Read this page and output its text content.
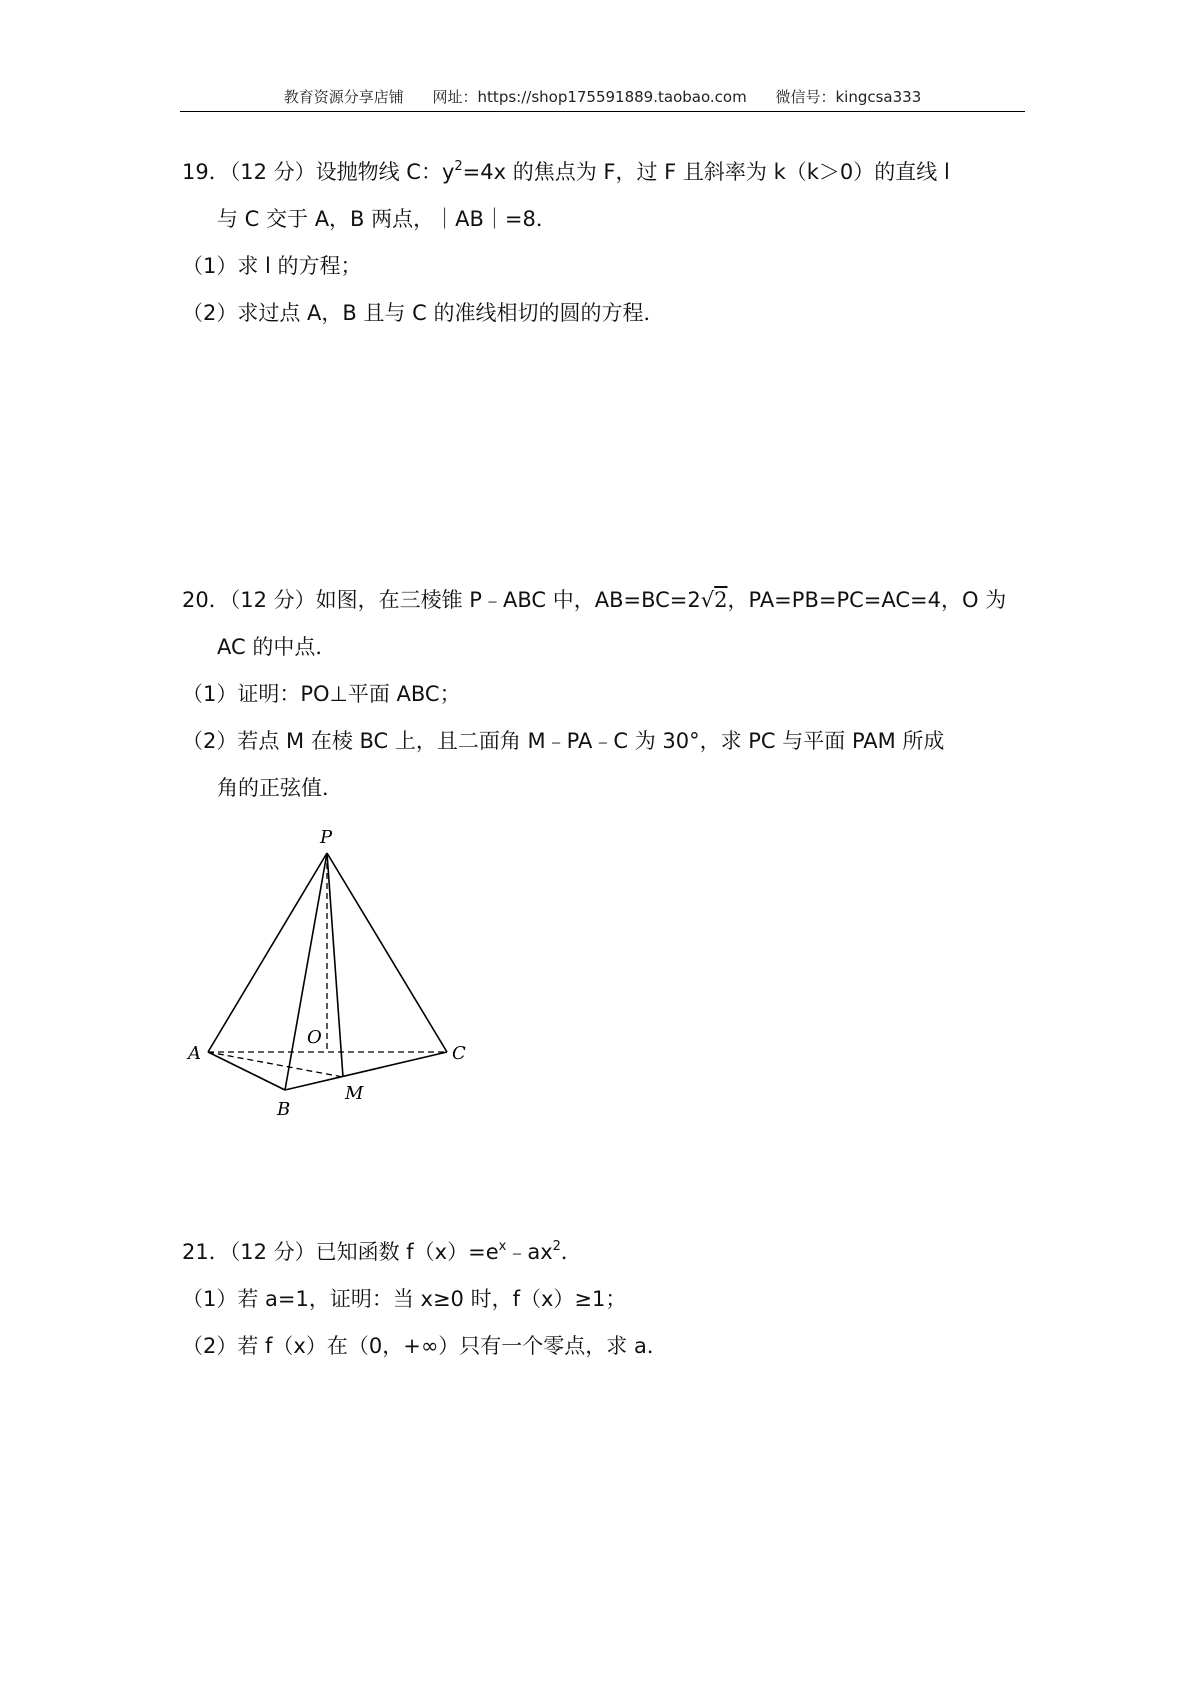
教育资源分享店铺 网址：https://shop175591889.taobao.com 微信号：kingcsa333
19．（12 分）设抛物线 C：$y^2=4x$ 的焦点为 F，过 F 且斜率为 k（k＞0）的直线 l
与 C 交于 A，B 两点，｜AB｜=8．
（1）求 l 的方程；
（2）求过点 A，B 且与 C 的准线相切的圆的方程．
20．（12 分）如图，在三棱锥 P﹣ABC 中，AB=BC=2√2，PA=PB=PC=AC=4，O 为
AC 的中点．
（1）证明：PO⊥平面 ABC；
（2）若点 M 在棱 BC 上，且二面角 M﹣PA﹣C 为 30°，求 PC 与平面 PAM 所成
角的正弦值．
P
O
A	C
B
M
21．（12 分）已知函数 $f(x)=e^x﹣ax^2$．
（1）若 a=1，证明：当 x≥0 时，f（x）≥1；
（2）若 f（x）在（0，+∞）只有一个零点，求 a．
